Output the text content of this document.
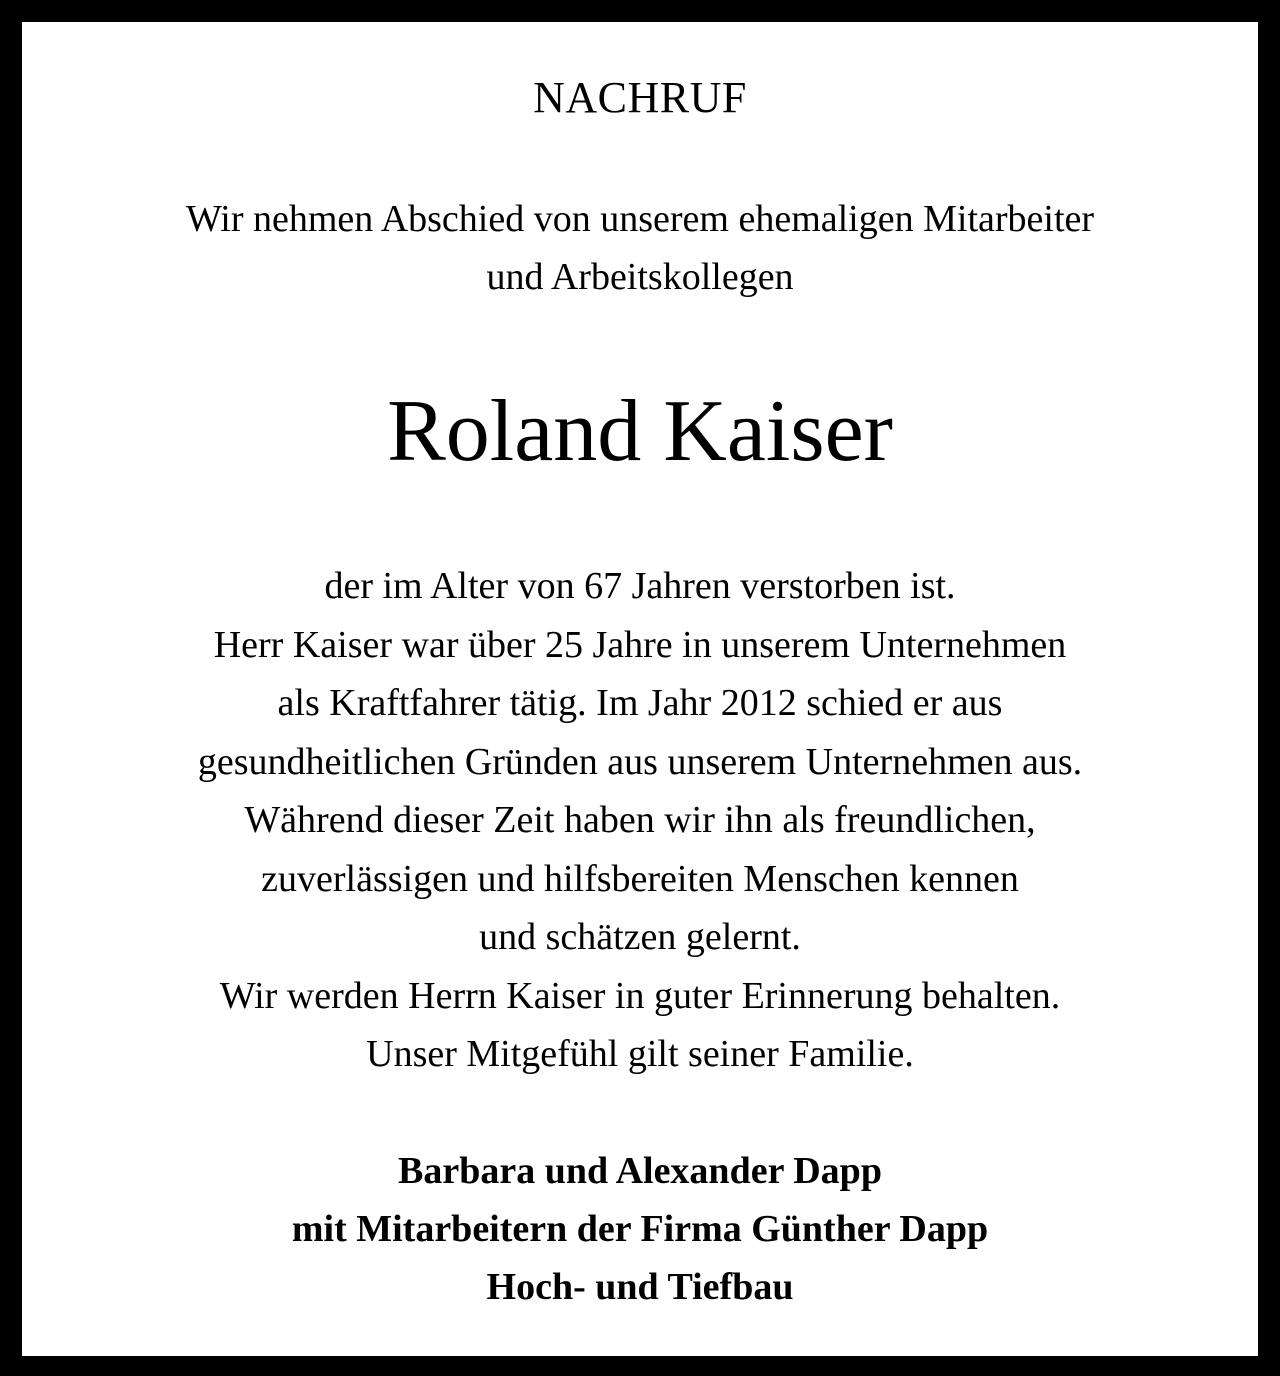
NACHRUF
Wir nehmen Abschied von unserem ehemaligen Mitarbeiter
und Arbeitskollegen
Roland Kaiser
der im Alter von 67 Jahren verstorben ist.
Herr Kaiser war über 25 Jahre in unserem Unternehmen
als Kraftfahrer tätig. Im Jahr 2012 schied er aus
gesundheitlichen Gründen aus unserem Unternehmen aus.
Während dieser Zeit haben wir ihn als freundlichen,
zuverlässigen und hilfsbereiten Menschen kennen
und schätzen gelernt.
Wir werden Herrn Kaiser in guter Erinnerung behalten.
Unser Mitgefühl gilt seiner Familie.
Barbara und Alexander Dapp
mit Mitarbeitern der Firma Günther Dapp
Hoch- und Tiefbau
